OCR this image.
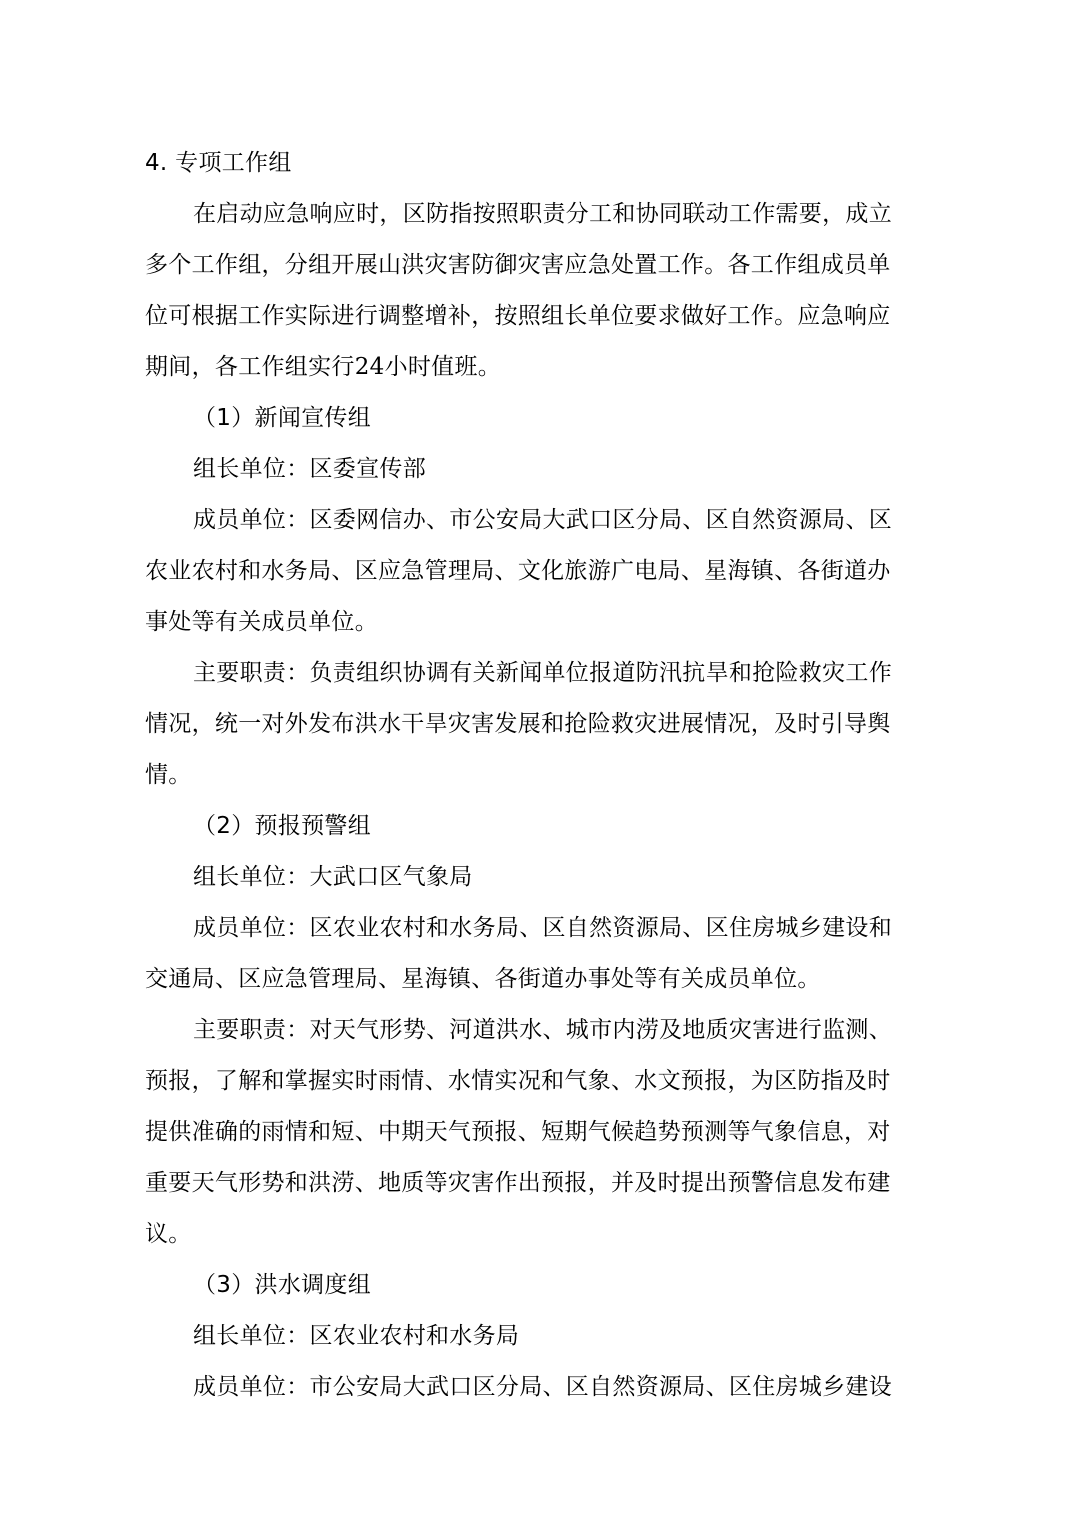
4. 专项工作组
在启动应急响应时，区防指按照职责分工和协同联动工作需要，成立
多个工作组，分组开展山洪灾害防御灾害应急处置工作。各工作组成员单
位可根据工作实际进行调整增补，按照组长单位要求做好工作。应急响应
期间，各工作组实行24小时值班。
（1）新闻宣传组
组长单位：区委宣传部
成员单位：区委网信办、市公安局大武口区分局、区自然资源局、区
农业农村和水务局、区应急管理局、文化旅游广电局、星海镇、各街道办
事处等有关成员单位。
主要职责：负责组织协调有关新闻单位报道防汛抗旱和抢险救灾工作
情况，统一对外发布洪水干旱灾害发展和抢险救灾进展情况，及时引导舆
情。
（2）预报预警组
组长单位：大武口区气象局
成员单位：区农业农村和水务局、区自然资源局、区住房城乡建设和
交通局、区应急管理局、星海镇、各街道办事处等有关成员单位。
主要职责：对天气形势、河道洪水、城市内涝及地质灾害进行监测、
预报，了解和掌握实时雨情、水情实况和气象、水文预报，为区防指及时
提供准确的雨情和短、中期天气预报、短期气候趋势预测等气象信息，对
重要天气形势和洪涝、地质等灾害作出预报，并及时提出预警信息发布建
议。
（3）洪水调度组
组长单位：区农业农村和水务局
成员单位：市公安局大武口区分局、区自然资源局、区住房城乡建设
